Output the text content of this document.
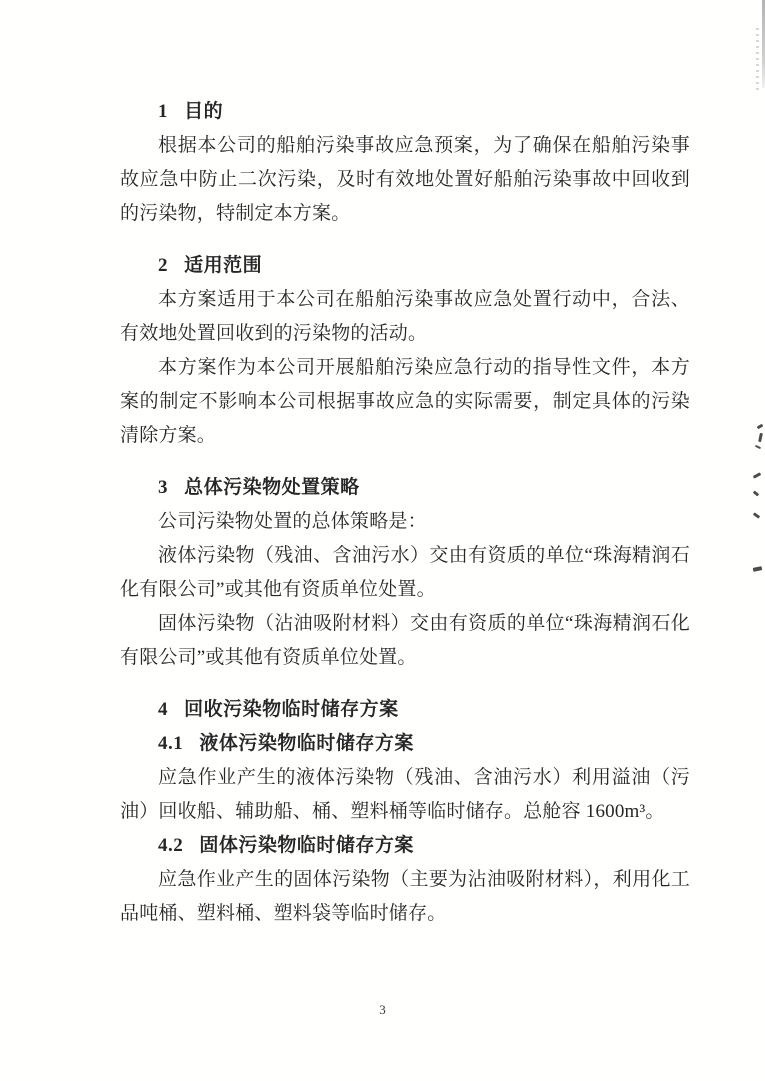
1 目的

根据本公司的船舶污染事故应急预案，为了确保在船舶污染事故应急中防止二次污染，及时有效地处置好船舶污染事故中回收到的污染物，特制定本方案。

2 适用范围

本方案适用于本公司在船舶污染事故应急处置行动中，合法、有效地处置回收到的污染物的活动。

本方案作为本公司开展船舶污染应急行动的指导性文件，本方案的制定不影响本公司根据事故应急的实际需要，制定具体的污染清除方案。

3 总体污染物处置策略

公司污染物处置的总体策略是：

液体污染物（残油、含油污水）交由有资质的单位“珠海精润石化有限公司”或其他有资质单位处置。

固体污染物（沾油吸附材料）交由有资质的单位“珠海精润石化有限公司”或其他有资质单位处置。

4 回收污染物临时储存方案
4.1 液体污染物临时储存方案

应急作业产生的液体污染物（残油、含油污水）利用溢油（污油）回收船、辅助船、桶、塑料桶等临时储存。总舱容 1600m³。

4.2 固体污染物临时储存方案

应急作业产生的固体污染物（主要为沾油吸附材料），利用化工品吨桶、塑料桶、塑料袋等临时储存。

3
